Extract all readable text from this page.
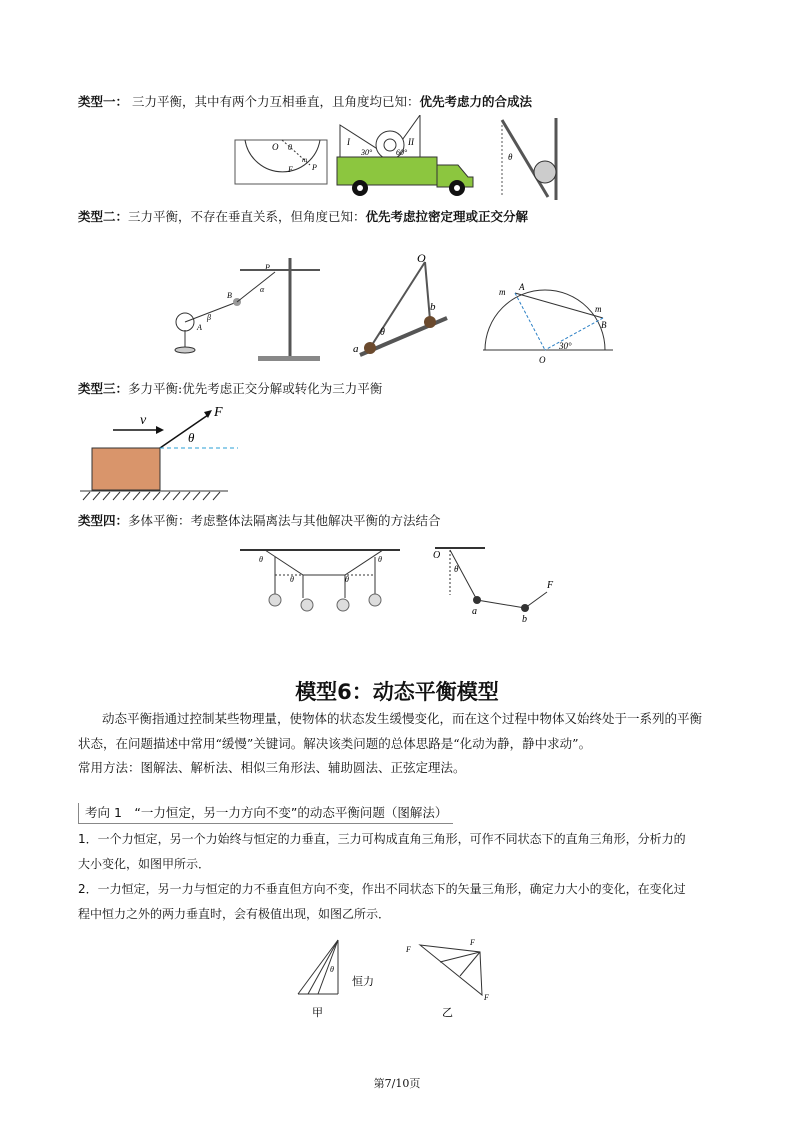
类型一： 三力平衡，其中有两个力互相垂直，且角度均已知：优先考虑力的合成法
O θ
F P
m
I	II
30°	60°	θ
类型二：三力平衡，不存在垂直关系，但角度已知：优先考虑拉密定理或正交分解
B
A
β
α
P
O
a
b
θ
m
m
A
B
30°
O
类型三：多力平衡:优先考虑正交分解或转化为三力平衡
v
F
θ
类型四：多体平衡：考虑整体法隔离法与其他解决平衡的方法结合
θ	θ
θ	θ
O
θ
a
b
F
模型6：动态平衡模型
动态平衡指通过控制某些物理量，使物体的状态发生缓慢变化，而在这个过程中物体又始终处于一系列的平衡
状态，在问题描述中常用“缓慢”关键词。解决该类问题的总体思路是“化动为静，静中求动”。
常用方法：图解法、解析法、相似三角形法、辅助圆法、正弦定理法。
考向 1　“一力恒定，另一力方向不变”的动态平衡问题（图解法）
1．一个力恒定，另一个力始终与恒定的力垂直，三力可构成直角三角形，可作不同状态下的直角三角形，分析力的
大小变化，如图甲所示．
2．一力恒定，另一力与恒定的力不垂直但方向不变，作出不同状态下的矢量三角形，确定力大小的变化，在变化过
程中恒力之外的两力垂直时，会有极值出现，如图乙所示．
θ
恒力
甲
F
F
F
乙
第7/10页
